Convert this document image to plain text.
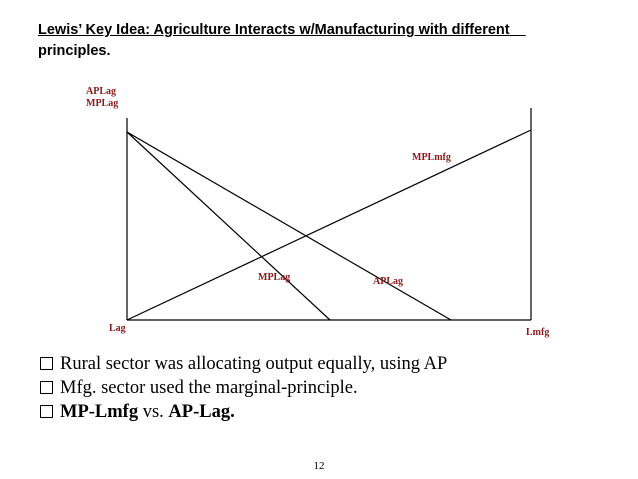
Lewis’ Key Idea: Agriculture Interacts w/Manufacturing with different
principles.
APLag
MPLag
MPLmfg
MPLag	APLag
Lag	Lmfg
Rural sector was allocating output equally, using AP
Mfg. sector used the marginal-principle.
MP-Lmfg vs. AP-Lag.
12
